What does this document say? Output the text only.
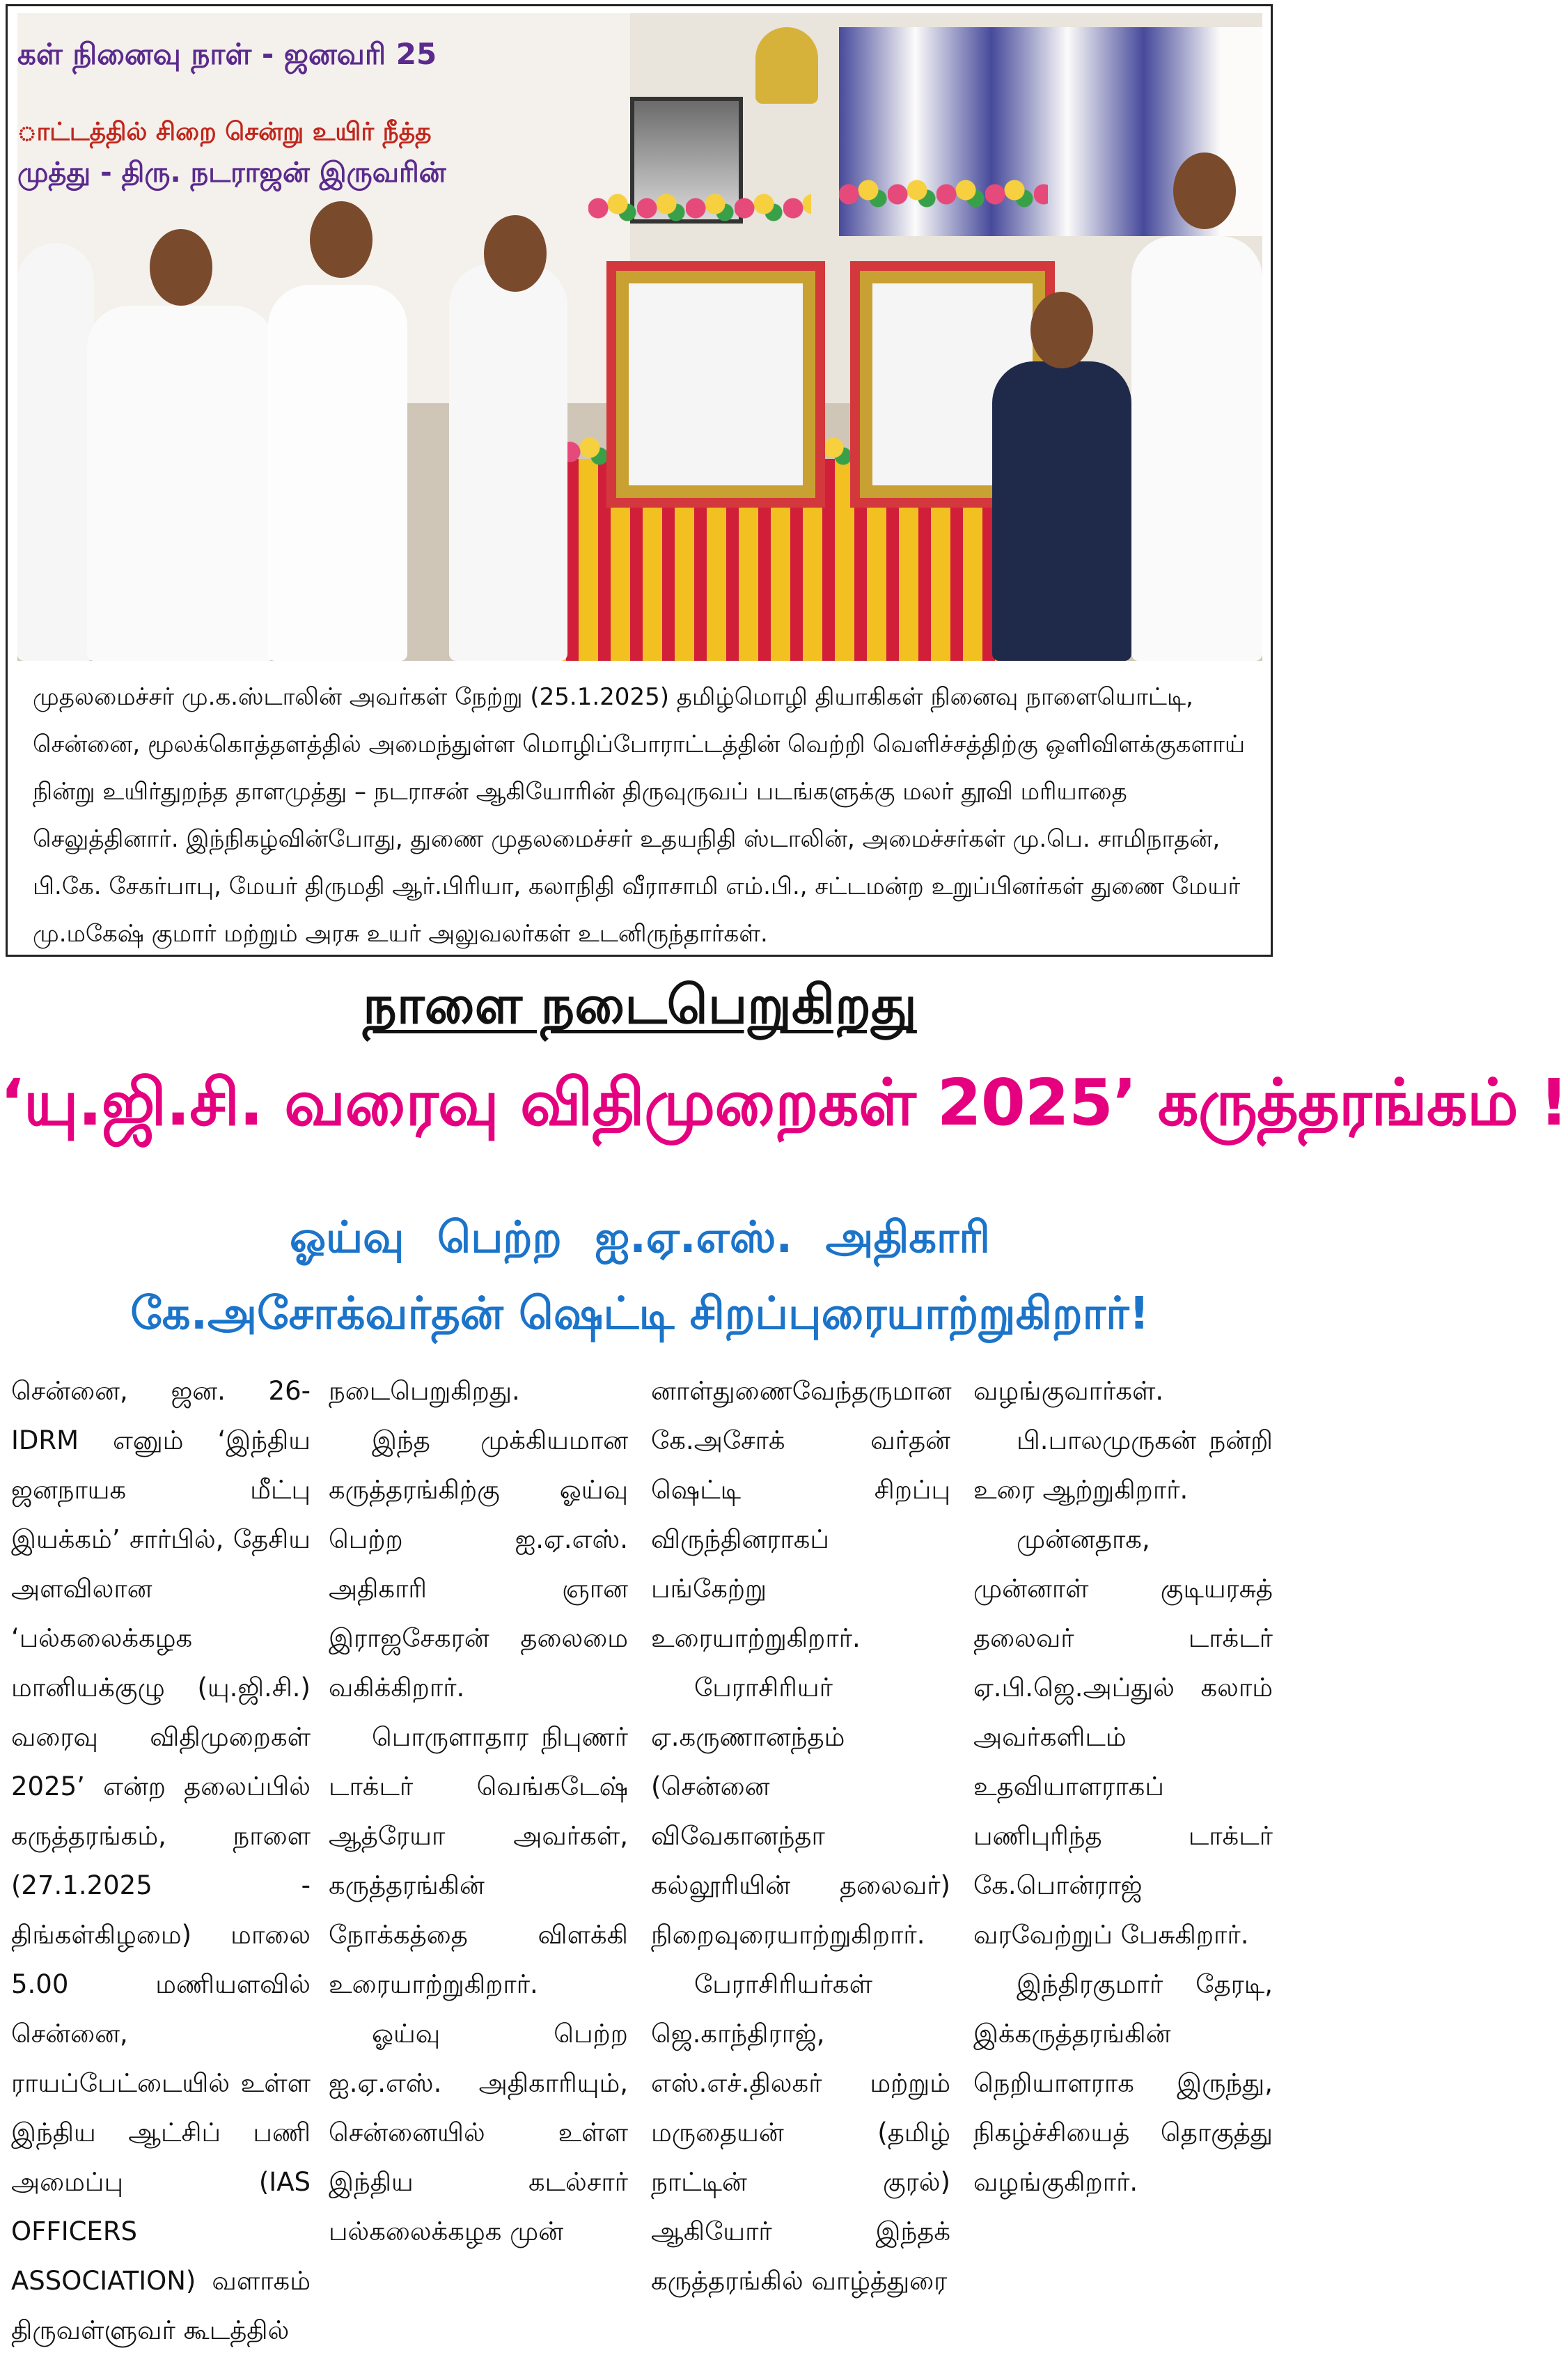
கள் நினைவு நாள் - ஜனவரி 25
ாட்டத்தில் சிறை சென்று உயிர் நீத்த
முத்து - திரு. நடராஜன் இருவரின்
முதலமைச்சர் மு.க.ஸ்டாலின் அவர்கள் நேற்று (25.1.2025) தமிழ்மொழி தியாகிகள் நினைவு நாளையொட்டி, சென்னை, மூலக்கொத்தளத்தில் அமைந்துள்ள மொழிப்போராட்டத்தின் வெற்றி வெளிச்சத்திற்கு ஒளிவிளக்குகளாய் நின்று உயிர்துறந்த தாளமுத்து – நடராசன் ஆகியோரின் திருவுருவப் படங்களுக்கு மலர் தூவி மரியாதை செலுத்தினார். இந்நிகழ்வின்போது, துணை முதலமைச்சர் உதயநிதி ஸ்டாலின், அமைச்சர்கள் மு.பெ. சாமிநாதன், பி.கே. சேகர்பாபு, மேயர் திருமதி ஆர்.பிரியா, கலாநிதி வீராசாமி எம்.பி., சட்டமன்ற உறுப்பினர்கள் துணை மேயர் மு.மகேஷ் குமார் மற்றும் அரசு உயர் அலுவலர்கள் உடனிருந்தார்கள்.
நாளை நடைபெறுகிறது
‘யு.ஜி.சி. வரைவு விதிமுறைகள் 2025’ கருத்தரங்கம் !
ஓய்வு பெற்ற ஐ.ஏ.எஸ். அதிகாரி
கே.அசோக்வர்தன் ஷெட்டி சிறப்புரையாற்றுகிறார்!

சென்னை, ஜன. 26- IDRM எனும் ‘இந்திய ஜனநாயக மீட்பு இயக்கம்’ சார்பில், தேசிய அளவிலான ‘பல்கலைக்கழக மானியக்குழு (யு.ஜி.சி.) வரைவு விதிமுறைகள் 2025’ என்ற தலைப்பில் கருத்தரங்கம், நாளை (27.1.2025 - திங்கள்கிழமை) மாலை 5.00 மணியளவில் சென்னை, ராயப்பேட்டையில் உள்ள இந்திய ஆட்சிப் பணி அமைப்பு (IAS OFFICERS ASSOCIATION) வளாகம் திருவள்ளுவர் கூடத்தில்

நடைபெறுகிறது.

இந்த முக்கியமான கருத்தரங்கிற்கு ஓய்வு பெற்ற ஐ.ஏ.எஸ். அதிகாரி ஞான இராஜசேகரன் தலைமை வகிக்கிறார்.

பொருளாதார நிபுணர் டாக்டர் வெங்கடேஷ் ஆத்ரேயா அவர்கள், கருத்தரங்கின் நோக்கத்தை விளக்கி உரையாற்றுகிறார்.

ஓய்வு பெற்ற ஐ.ஏ.எஸ். அதிகாரியும், சென்னையில் உள்ள இந்திய கடல்சார் பல்கலைக்கழக முன்

னாள்துணைவேந்தருமான கே.அசோக் வர்தன் ஷெட்டி சிறப்பு விருந்தினராகப் பங்கேற்று உரையாற்றுகிறார்.

பேராசிரியர் ஏ.கருணானந்தம் (சென்னை விவேகானந்தா கல்லூரியின் தலைவர்) நிறைவுரையாற்றுகிறார்.

பேராசிரியர்கள் ஜெ.காந்திராஜ், எஸ்.எச்.திலகர் மற்றும் மருதையன் (தமிழ் நாட்டின் குரல்) ஆகியோர் இந்தக் கருத்தரங்கில் வாழ்த்துரை

வழங்குவார்கள்.

பி.பாலமுருகன் நன்றி உரை ஆற்றுகிறார்.

முன்னதாக, முன்னாள் குடியரசுத் தலைவர் டாக்டர் ஏ.பி.ஜெ.அப்துல் கலாம் அவர்களிடம் உதவியாளராகப் பணிபுரிந்த டாக்டர் கே.பொன்ராஜ் வரவேற்றுப் பேசுகிறார்.

இந்திரகுமார் தேரடி, இக்கருத்தரங்கின் நெறியாளராக இருந்து, நிகழ்ச்சியைத் தொகுத்து வழங்குகிறார்.
